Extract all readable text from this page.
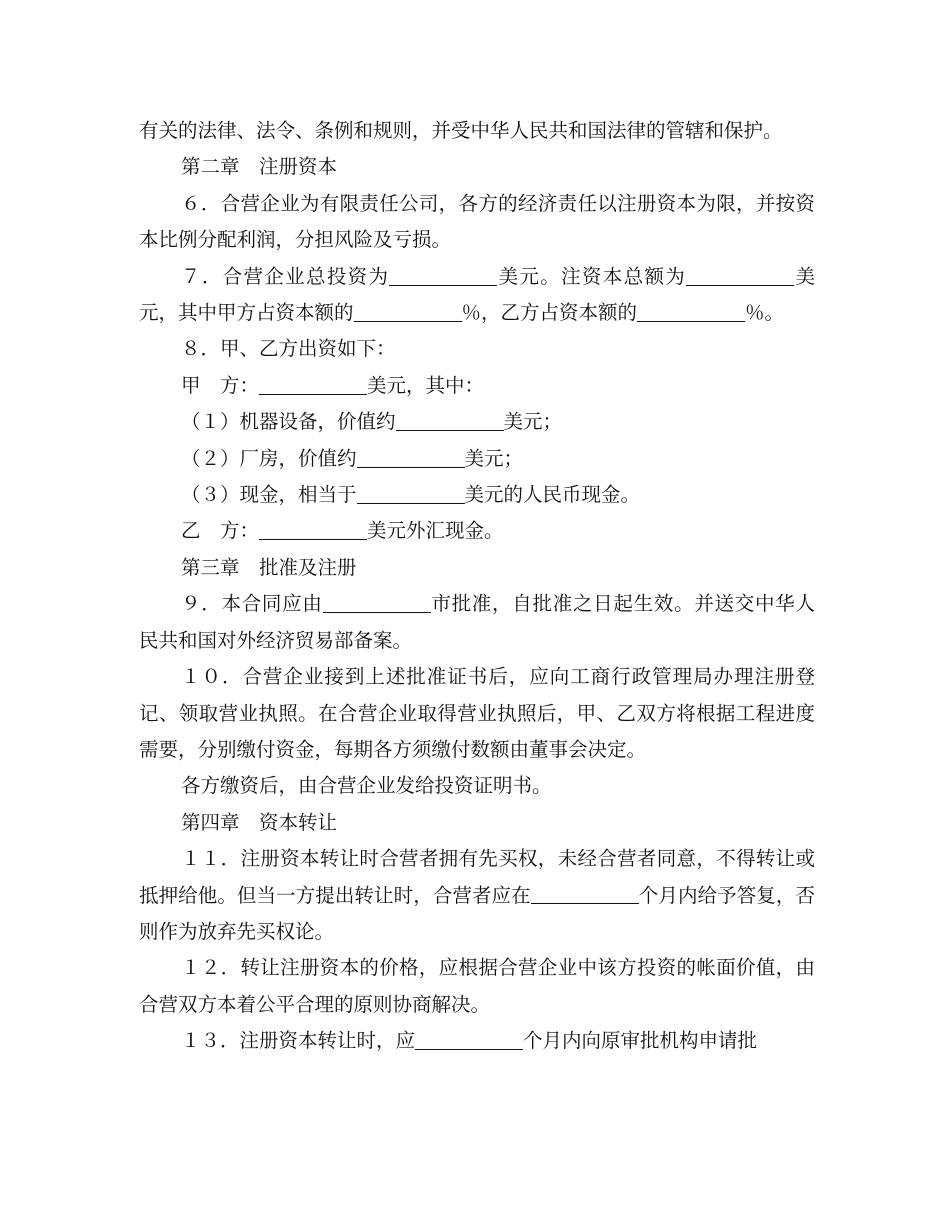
有关的法律、法令、条例和规则，并受中华人民共和国法律的管辖和保护。

第二章　注册资本

６．合营企业为有限责任公司，各方的经济责任以注册资本为限，并按资本比例分配利润，分担风险及亏损。

７．合营企业总投资为	美元。注资本总额为	美元，其中甲方占资本额的	％，乙方占资本额的	％。

８．甲、乙方出资如下：

甲　方：	美元，其中：

（１）机器设备，价值约	美元；

（２）厂房，价值约	美元；

（３）现金，相当于	美元的人民币现金。

乙　方：	美元外汇现金。

第三章　批准及注册

９．本合同应由	市批准，自批准之日起生效。并送交中华人民共和国对外经济贸易部备案。

１０．合营企业接到上述批准证书后，应向工商行政管理局办理注册登记、领取营业执照。在合营企业取得营业执照后，甲、乙双方将根据工程进度需要，分别缴付资金，每期各方须缴付数额由董事会决定。

各方缴资后，由合营企业发给投资证明书。

第四章　资本转让

１１．注册资本转让时合营者拥有先买权，未经合营者同意，不得转让或抵押给他。但当一方提出转让时，合营者应在	个月内给予答复，否则作为放弃先买权论。

１２．转让注册资本的价格，应根据合营企业中该方投资的帐面价值，由合营双方本着公平合理的原则协商解决。

１３．注册资本转让时，应	个月内向原审批机构申请批
